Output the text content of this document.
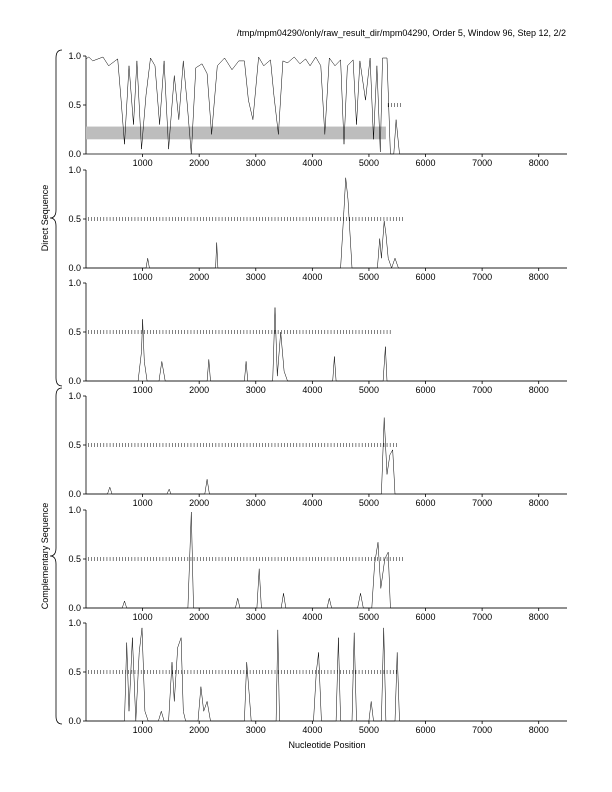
/tmp/mpm04290/only/raw_result_dir/mpm04290, Order 5, Window 96, Step 12, 2/2
0.0
0.5
1.0
1000	2000	3000	4000	5000	6000	7000	8000
0.0
0.5
1.0
1000	2000	3000	4000	5000	6000	7000	8000
0.0
0.5
1.0
1000	2000	3000	4000	5000	6000	7000	8000
0.0
0.5
1.0
1000	2000	3000	4000	5000	6000	7000	8000
0.0
0.5
1.0
1000	2000	3000	4000	5000	6000	7000	8000
0.0
0.5
1.0
1000	2000	3000	4000	5000	6000	7000	8000
Direct Sequence
Complementary Sequence
Nucleotide Position
